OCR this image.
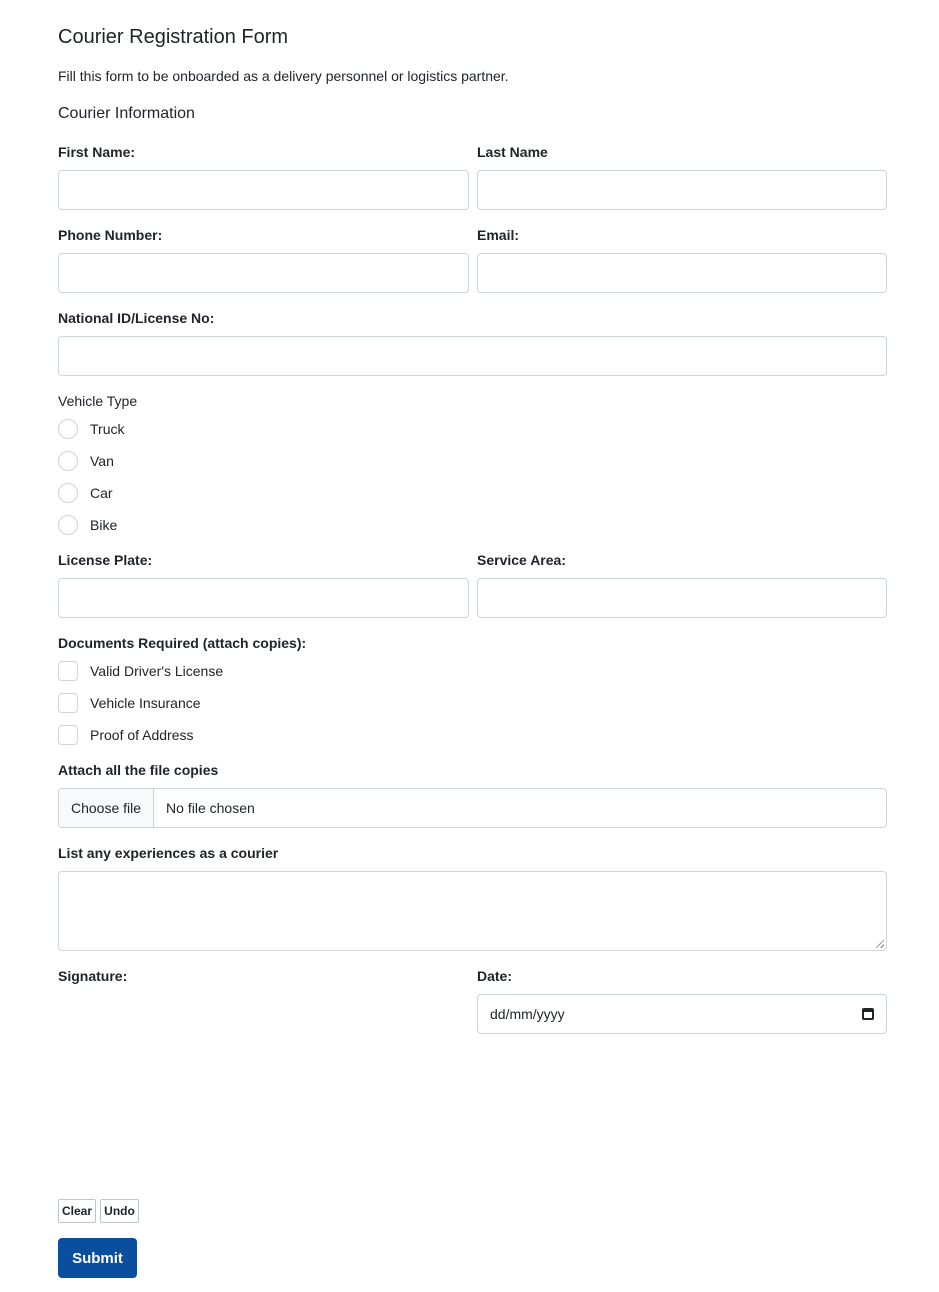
Courier Registration Form

Fill this form to be onboarded as a delivery personnel or logistics partner.

Courier Information
First Name:	Last Name
Phone Number:	Email:
National ID/License No:
Vehicle Type
Truck
Van
Car
Bike
License Plate:	Service Area:
Documents Required (attach copies):
Valid Driver's License
Vehicle Insurance
Proof of Address
Attach all the file copies
Choose file	No file chosen
List any experiences as a courier
Signature:	Date:
dd/mm/yyyy
Clear	Undo
Submit
